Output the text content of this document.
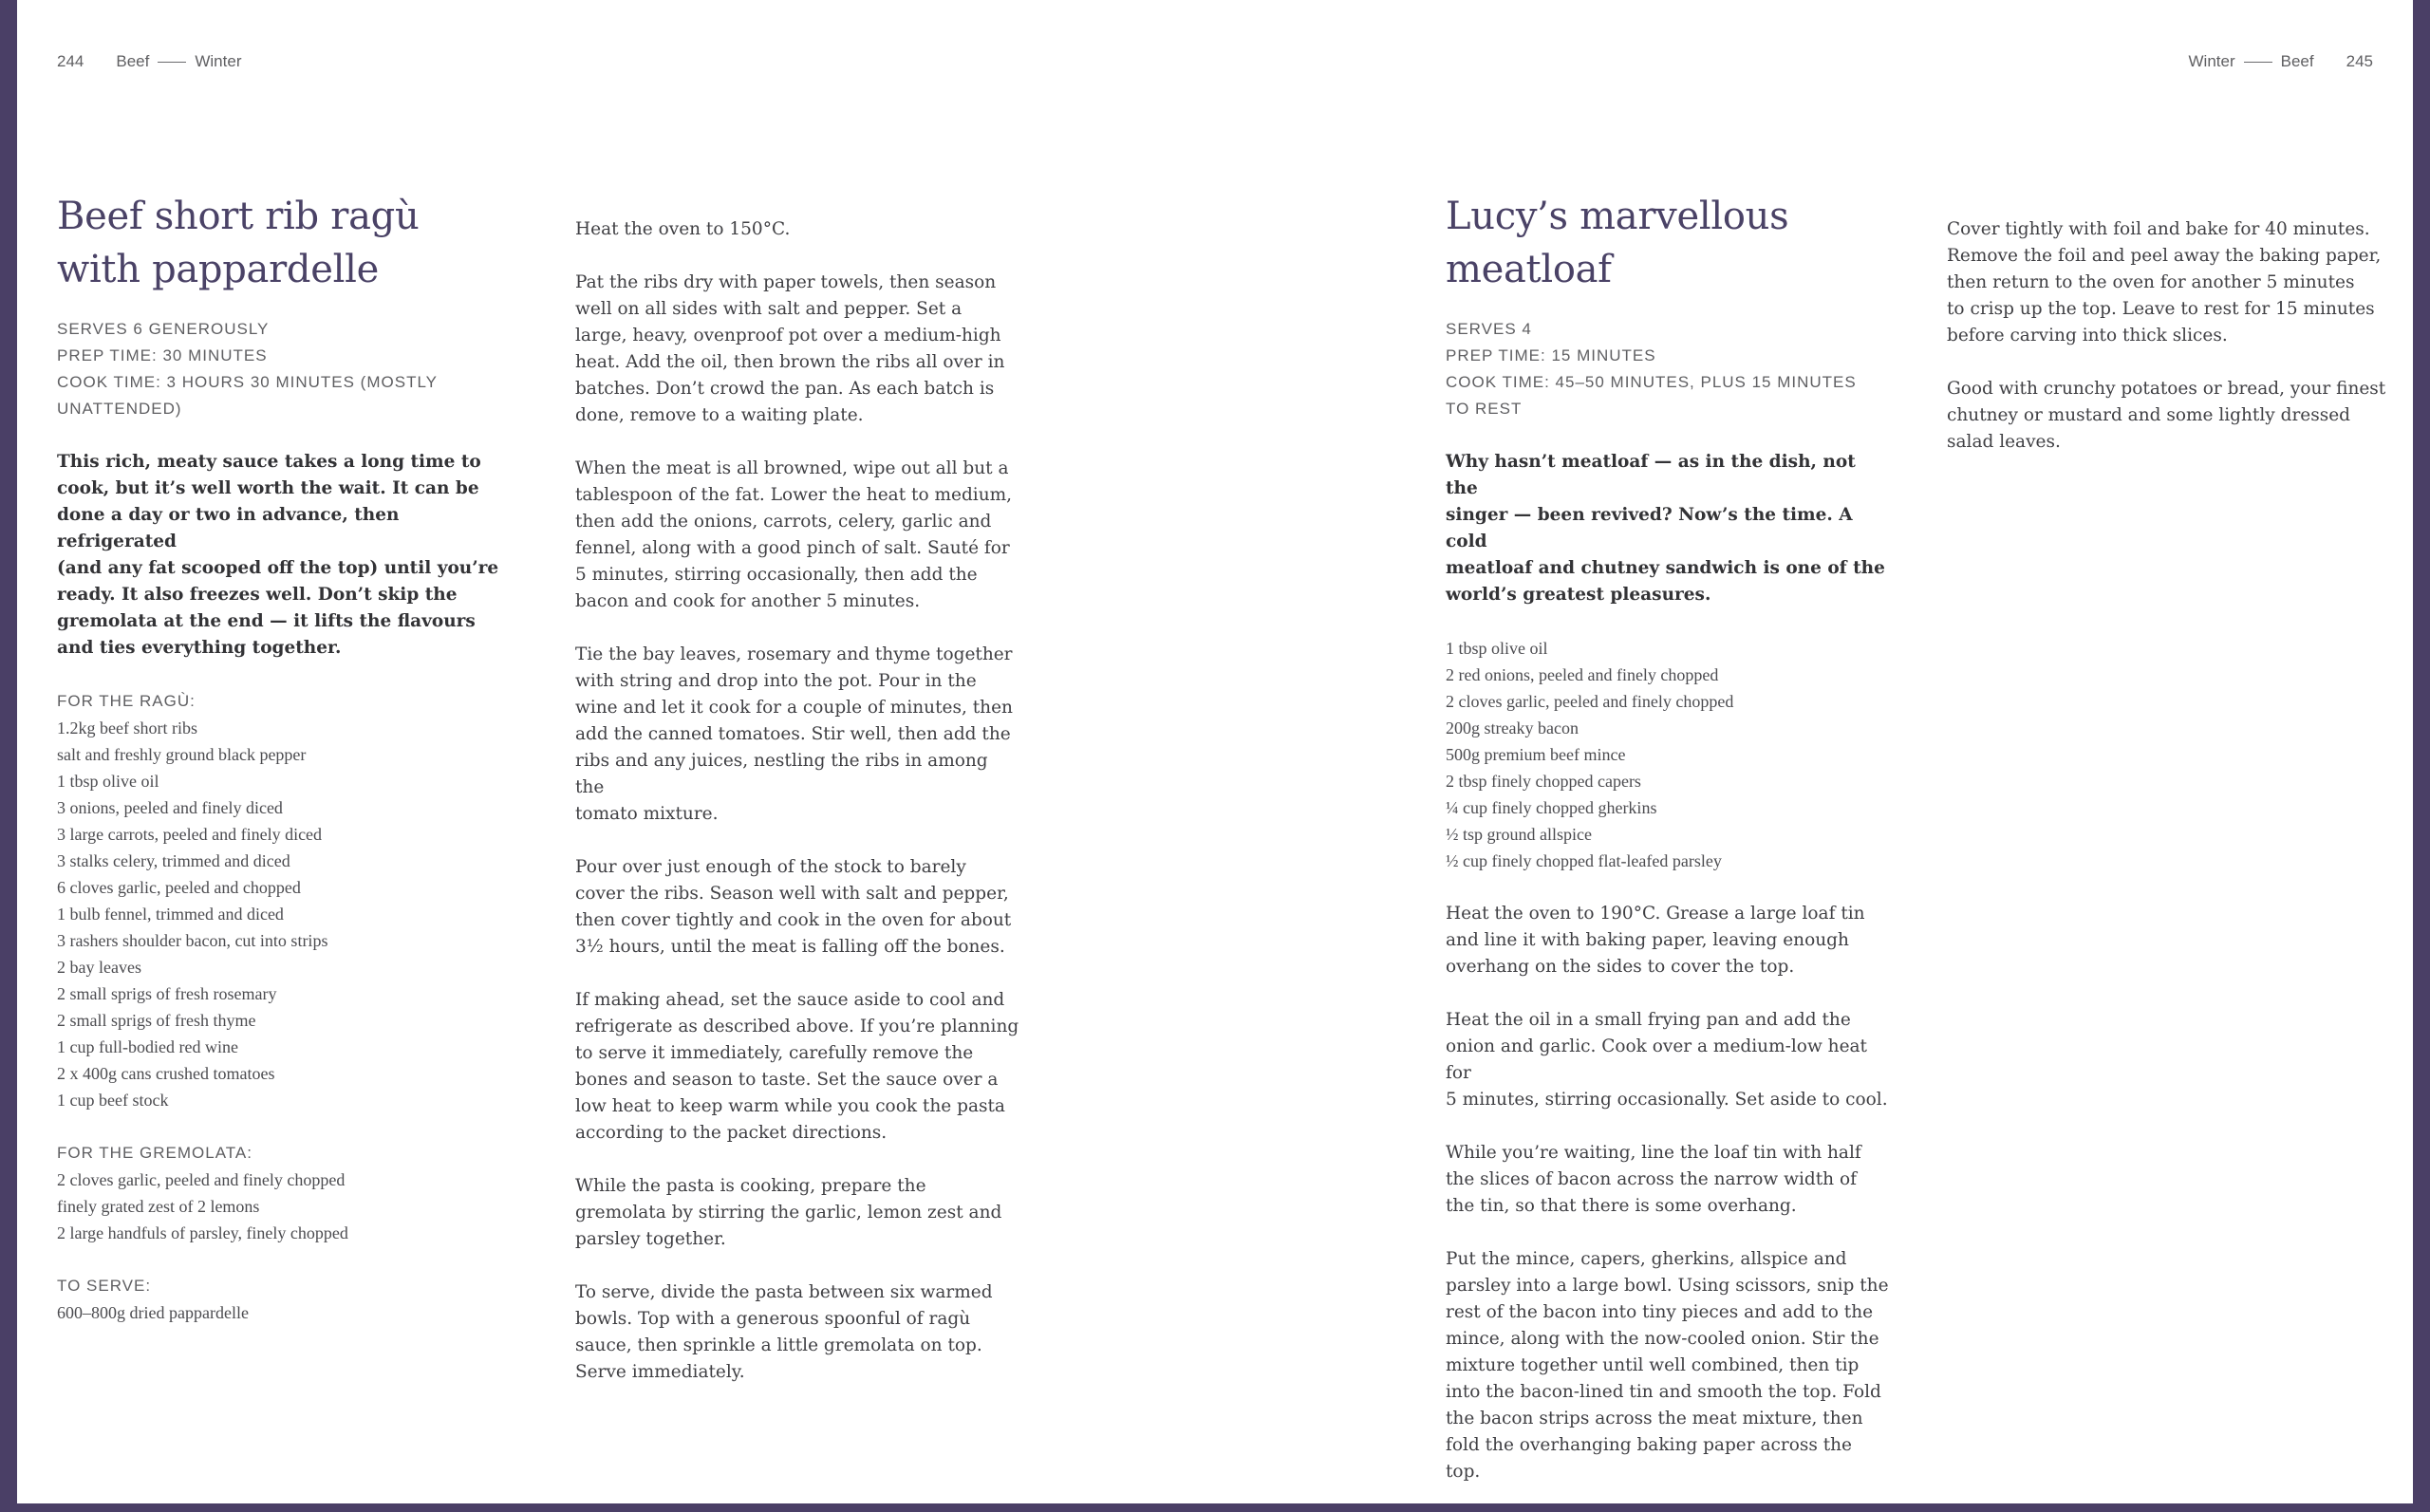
244 Beef	Winter	Winter	Beef 245
Beef short rib ragù
with pappardelle
SERVES 6 GENEROUSLY
PREP TIME: 30 MINUTES
COOK TIME: 3 HOURS 30 MINUTES (MOSTLY
UNATTENDED)
This rich, meaty sauce takes a long time to
cook, but it’s well worth the wait. It can be
done a day or two in advance, then refrigerated
(and any fat scooped off the top) until you’re
ready. It also freezes well. Don’t skip the
gremolata at the end — it lifts the flavours
and ties everything together.
FOR THE RAGÙ:
1.2kg beef short ribs
salt and freshly ground black pepper
1 tbsp olive oil
3 onions, peeled and finely diced
3 large carrots, peeled and finely diced
3 stalks celery, trimmed and diced
6 cloves garlic, peeled and chopped
1 bulb fennel, trimmed and diced
3 rashers shoulder bacon, cut into strips
2 bay leaves
2 small sprigs of fresh rosemary
2 small sprigs of fresh thyme
1 cup full-bodied red wine
2 x 400g cans crushed tomatoes
1 cup beef stock
FOR THE GREMOLATA:
2 cloves garlic, peeled and finely chopped
finely grated zest of 2 lemons
2 large handfuls of parsley, finely chopped
TO SERVE:
600–800g dried pappardelle

Heat the oven to 150°C.

Pat the ribs dry with paper towels, then season
well on all sides with salt and pepper. Set a
large, heavy, ovenproof pot over a medium-high
heat. Add the oil, then brown the ribs all over in
batches. Don’t crowd the pan. As each batch is
done, remove to a waiting plate.

When the meat is all browned, wipe out all but a
tablespoon of the fat. Lower the heat to medium,
then add the onions, carrots, celery, garlic and
fennel, along with a good pinch of salt. Sauté for
5 minutes, stirring occasionally, then add the
bacon and cook for another 5 minutes.

Tie the bay leaves, rosemary and thyme together
with string and drop into the pot. Pour in the
wine and let it cook for a couple of minutes, then
add the canned tomatoes. Stir well, then add the
ribs and any juices, nestling the ribs in among the
tomato mixture.

Pour over just enough of the stock to barely
cover the ribs. Season well with salt and pepper,
then cover tightly and cook in the oven for about
3½ hours, until the meat is falling off the bones.

If making ahead, set the sauce aside to cool and
refrigerate as described above. If you’re planning
to serve it immediately, carefully remove the
bones and season to taste. Set the sauce over a
low heat to keep warm while you cook the pasta
according to the packet directions.

While the pasta is cooking, prepare the
gremolata by stirring the garlic, lemon zest and
parsley together.

To serve, divide the pasta between six warmed
bowls. Top with a generous spoonful of ragù
sauce, then sprinkle a little gremolata on top.
Serve immediately.

Lucy’s marvellous
meatloaf
SERVES 4
PREP TIME: 15 MINUTES
COOK TIME: 45–50 MINUTES, PLUS 15 MINUTES
TO REST
Why hasn’t meatloaf — as in the dish, not the
singer — been revived? Now’s the time. A cold
meatloaf and chutney sandwich is one of the
world’s greatest pleasures.
1 tbsp olive oil
2 red onions, peeled and finely chopped
2 cloves garlic, peeled and finely chopped
200g streaky bacon
500g premium beef mince
2 tbsp finely chopped capers
¼ cup finely chopped gherkins
½ tsp ground allspice
½ cup finely chopped flat-leafed parsley

Heat the oven to 190°C. Grease a large loaf tin
and line it with baking paper, leaving enough
overhang on the sides to cover the top.

Heat the oil in a small frying pan and add the
onion and garlic. Cook over a medium-low heat for
5 minutes, stirring occasionally. Set aside to cool.

While you’re waiting, line the loaf tin with half
the slices of bacon across the narrow width of
the tin, so that there is some overhang.

Put the mince, capers, gherkins, allspice and
parsley into a large bowl. Using scissors, snip the
rest of the bacon into tiny pieces and add to the
mince, along with the now-cooled onion. Stir the
mixture together until well combined, then tip
into the bacon-lined tin and smooth the top. Fold
the bacon strips across the meat mixture, then
fold the overhanging baking paper across the top.

Cover tightly with foil and bake for 40 minutes.
Remove the foil and peel away the baking paper,
then return to the oven for another 5 minutes
to crisp up the top. Leave to rest for 15 minutes
before carving into thick slices.

Good with crunchy potatoes or bread, your finest
chutney or mustard and some lightly dressed
salad leaves.
